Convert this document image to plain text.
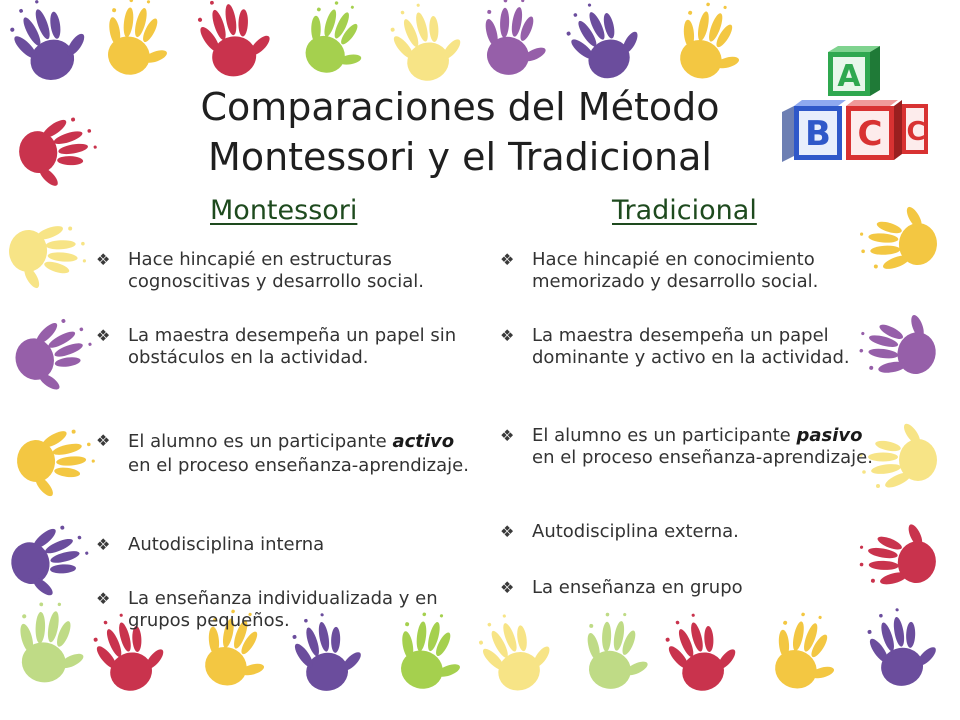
Comparaciones del Método
Montessori y el Tradicional
A
B C C
Montessori	Tradicional
❖ Hace hincapié en estructuras cognoscitivas y desarrollo social.
❖ La maestra desempeña un papel sin obstáculos en la actividad.
❖ El alumno es un participante activo en el proceso enseñanza-aprendizaje.
❖ Autodisciplina interna
❖ La enseñanza individualizada y en grupos pequeños.
❖ Hace hincapié en conocimiento memorizado y desarrollo social.
❖ La maestra desempeña un papel dominante y activo en la actividad.
❖ El alumno es un participante pasivo en el proceso enseñanza-aprendizaje.
❖ Autodisciplina externa.
❖ La enseñanza en grupo
